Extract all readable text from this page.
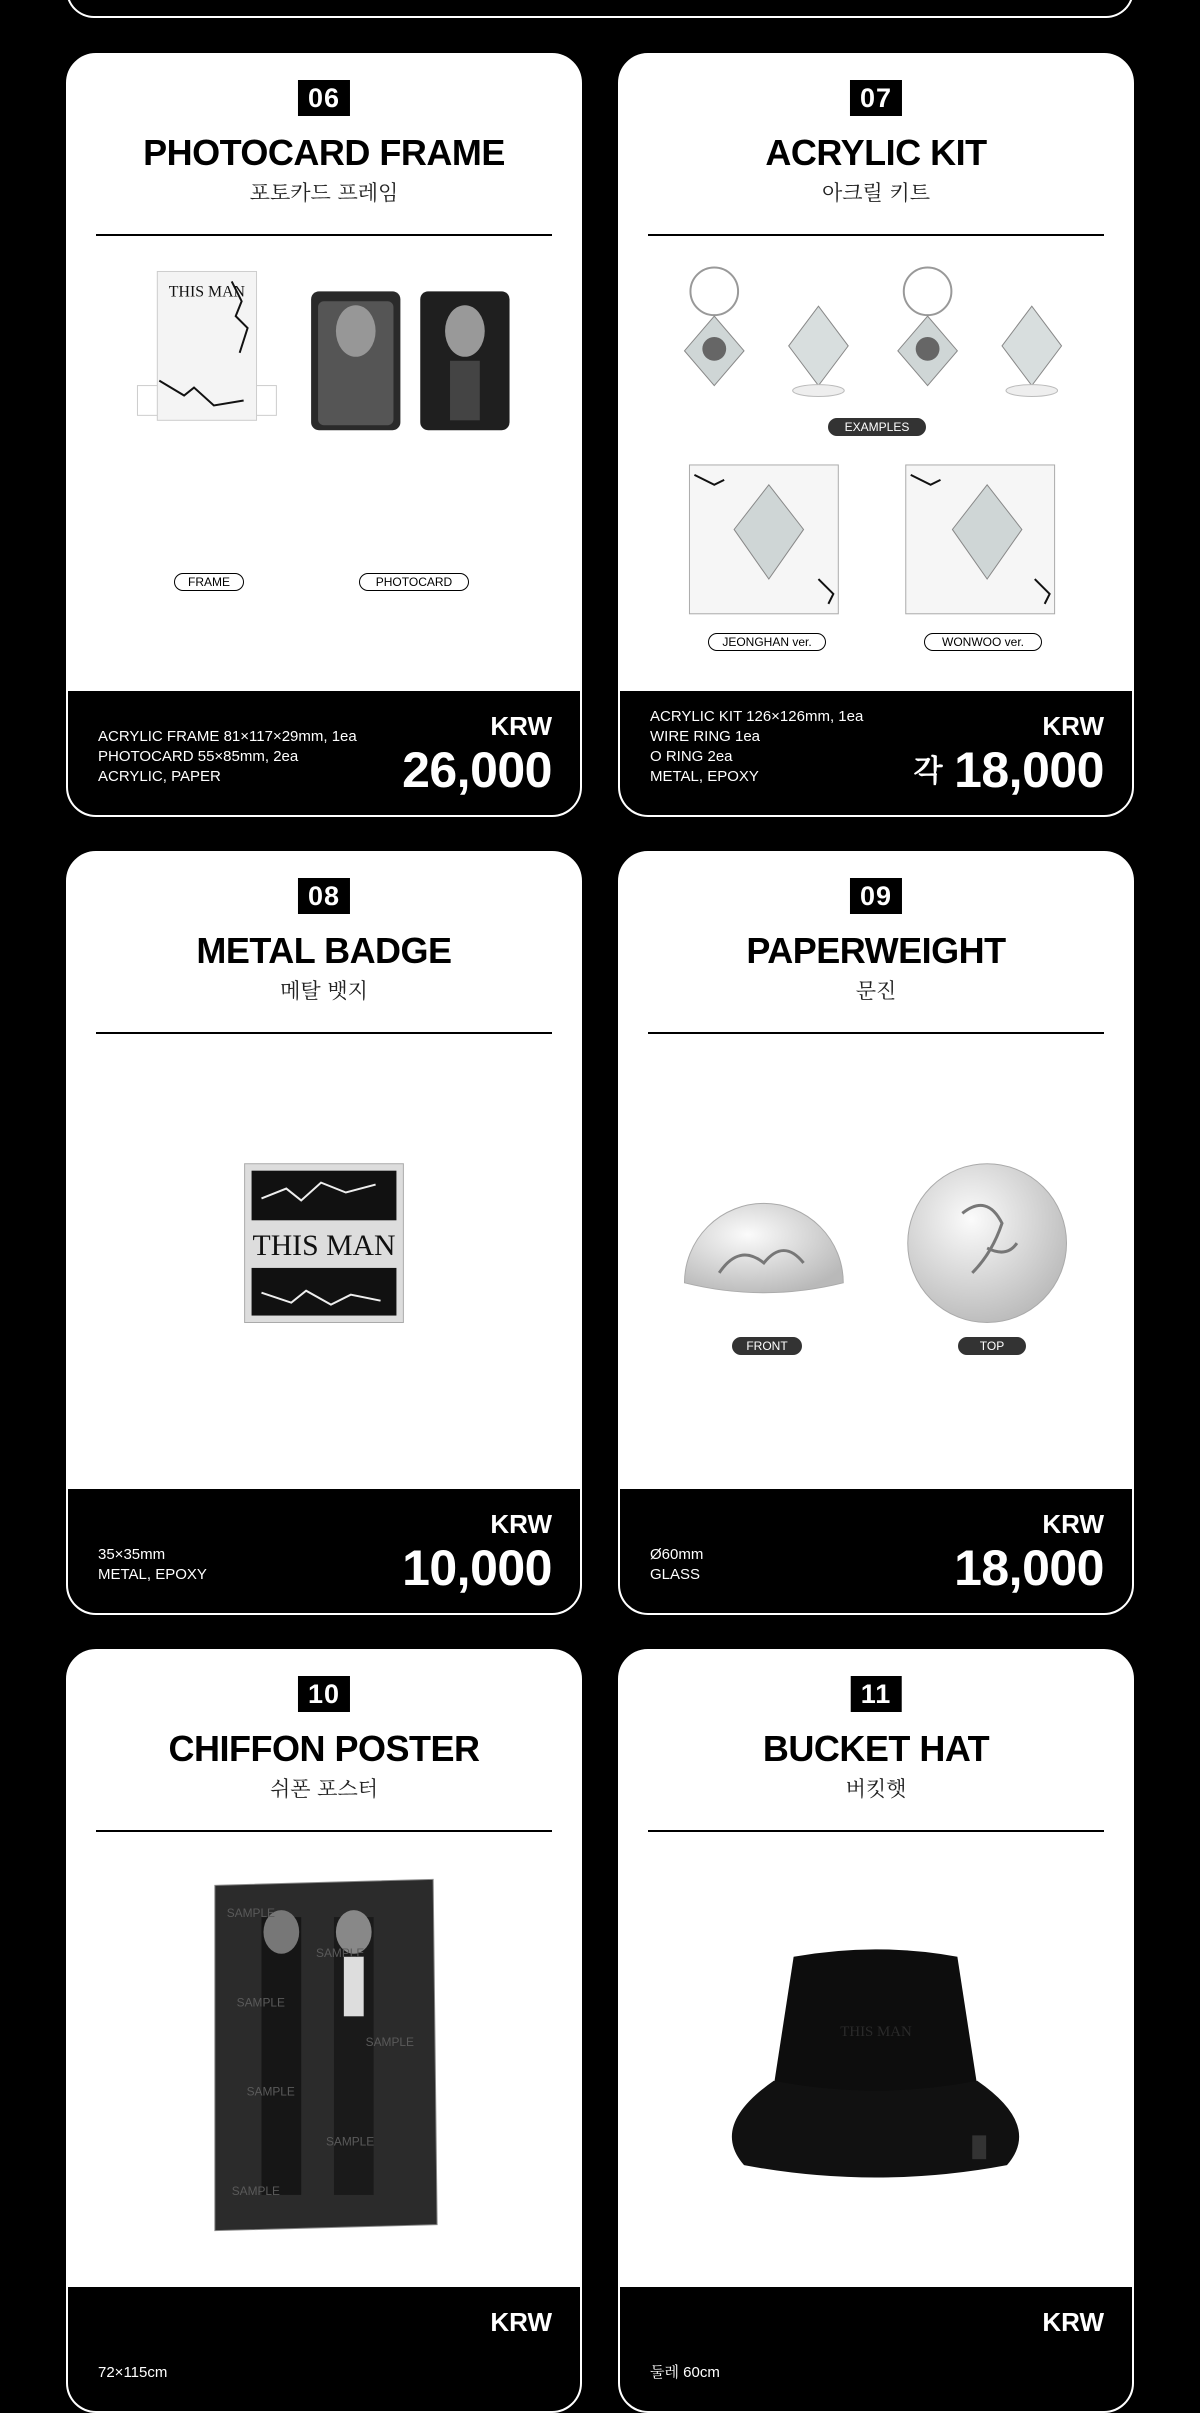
06
PHOTOCARD FRAME
포토카드 프레임
THIS MAN
FRAME	PHOTOCARD
ACRYLIC FRAME 81×117×29mm, 1ea
PHOTOCARD 55×85mm, 2ea
ACRYLIC, PAPER
KRW
26,000
07
ACRYLIC KIT
아크릴 키트
EXAMPLES
JEONGHAN ver.	WONWOO ver.
ACRYLIC KIT 126×126mm, 1ea
WIRE RING 1ea
O RING 2ea
METAL, EPOXY
KRW
각 18,000
08
METAL BADGE
메탈 뱃지
THIS MAN
35×35mm
METAL, EPOXY
KRW
10,000
09
PAPERWEIGHT
문진
FRONT	TOP
Ø60mm
GLASS
KRW
18,000
10
CHIFFON POSTER
쉬폰 포스터
SAMPLE
SAMPLE
SAMPLE
SAMPLE
SAMPLE
SAMPLE
SAMPLE
72×115cm
KRW
11
BUCKET HAT
버킷햇
THIS MAN
둘레 60cm
KRW
